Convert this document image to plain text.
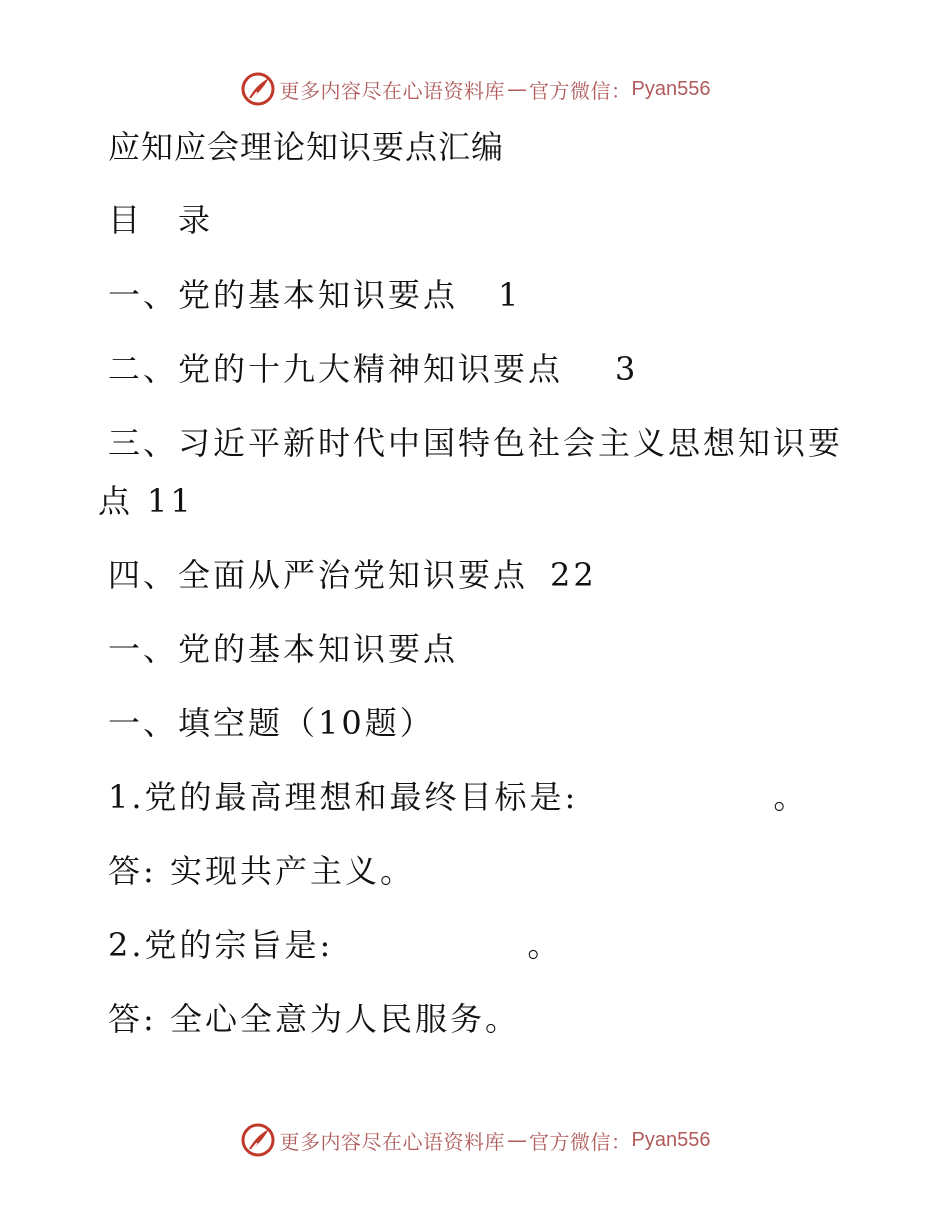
更多内容尽在心语资料库 — 官方微信： Pyan556

应知应会理论知识要点汇编

目　录

一、党的基本知识要点 1

二、党的十九大精神知识要点 3

三、习近平新时代中国特色社会主义思想知识要

点 11

四、全面从严治党知识要点 22

一、党的基本知识要点

一、填空题（10题）

1.党的最高理想和最终目标是:	。

答: 实现共产主义。

2.党的宗旨是:	。

答: 全心全意为人民服务。

更多内容尽在心语资料库 — 官方微信： Pyan556
